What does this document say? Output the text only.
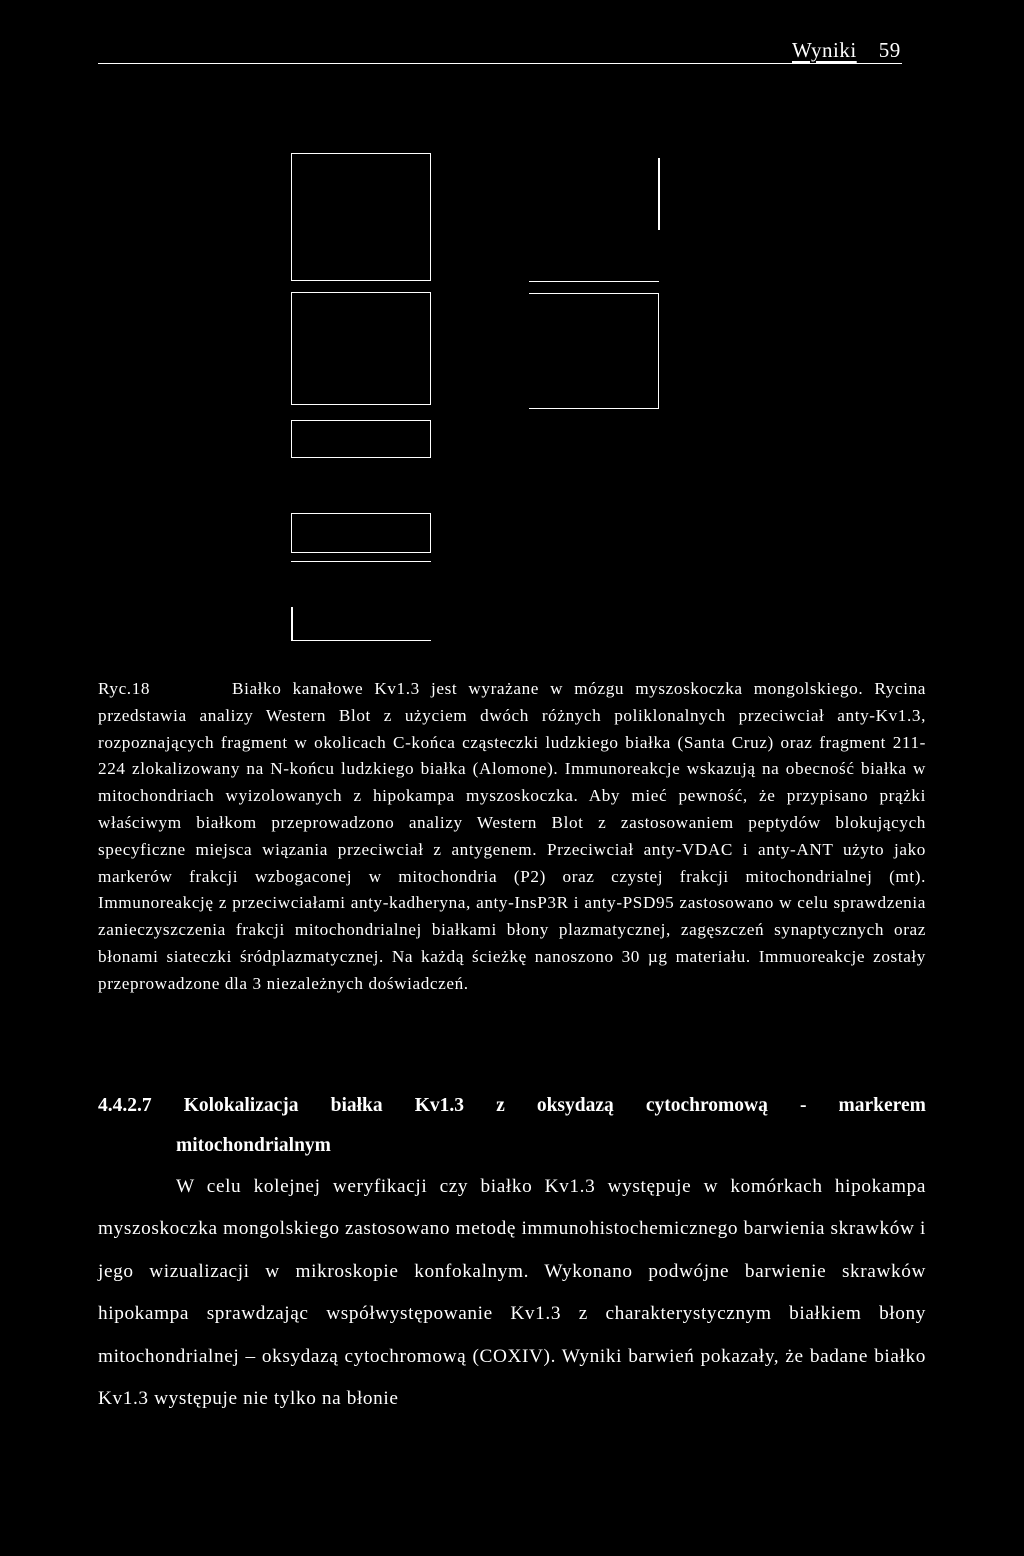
Wyniki 59

Ryc.18	Białko kanałowe Kv1.3 jest wyrażane w mózgu myszoskoczka mongolskiego. Rycina przedstawia analizy Western Blot z użyciem dwóch różnych poliklonalnych przeciwciał anty-Kv1.3, rozpoznających fragment w okolicach C-końca cząsteczki ludzkiego białka (Santa Cruz) oraz fragment 211-224 zlokalizowany na N-końcu ludzkiego białka (Alomone). Immunoreakcje wskazują na obecność białka w mitochondriach wyizolowanych z hipokampa myszoskoczka. Aby mieć pewność, że przypisano prążki właściwym białkom przeprowadzono analizy Western Blot z zastosowaniem peptydów blokujących specyficzne miejsca wiązania przeciwciał z antygenem. Przeciwciał anty-VDAC i anty-ANT użyto jako markerów frakcji wzbogaconej w mitochondria (P2) oraz czystej frakcji mitochondrialnej (mt). Immunoreakcję z przeciwciałami anty-kadheryna, anty-InsP3R i anty-PSD95 zastosowano w celu sprawdzenia zanieczyszczenia frakcji mitochondrialnej białkami błony plazmatycznej, zagęszczeń synaptycznych oraz błonami siateczki śródplazmatycznej. Na każdą ścieżkę nanoszono 30 µg materiału. Immuoreakcje zostały przeprowadzone dla 3 niezależnych doświadczeń.

4.4.2.7 Kolokalizacja białka Kv1.3 z oksydazą cytochromową - markerem
mitochondrialnym

W celu kolejnej weryfikacji czy białko Kv1.3 występuje w komórkach hipokampa myszoskoczka mongolskiego zastosowano metodę immunohistochemicznego barwienia skrawków i jego wizualizacji w mikroskopie konfokalnym. Wykonano podwójne barwienie skrawków hipokampa sprawdzając współwystępowanie Kv1.3 z charakterystycznym białkiem błony mitochondrialnej – oksydazą cytochromową (COXIV). Wyniki barwień pokazały, że badane białko Kv1.3 występuje nie tylko na błonie
